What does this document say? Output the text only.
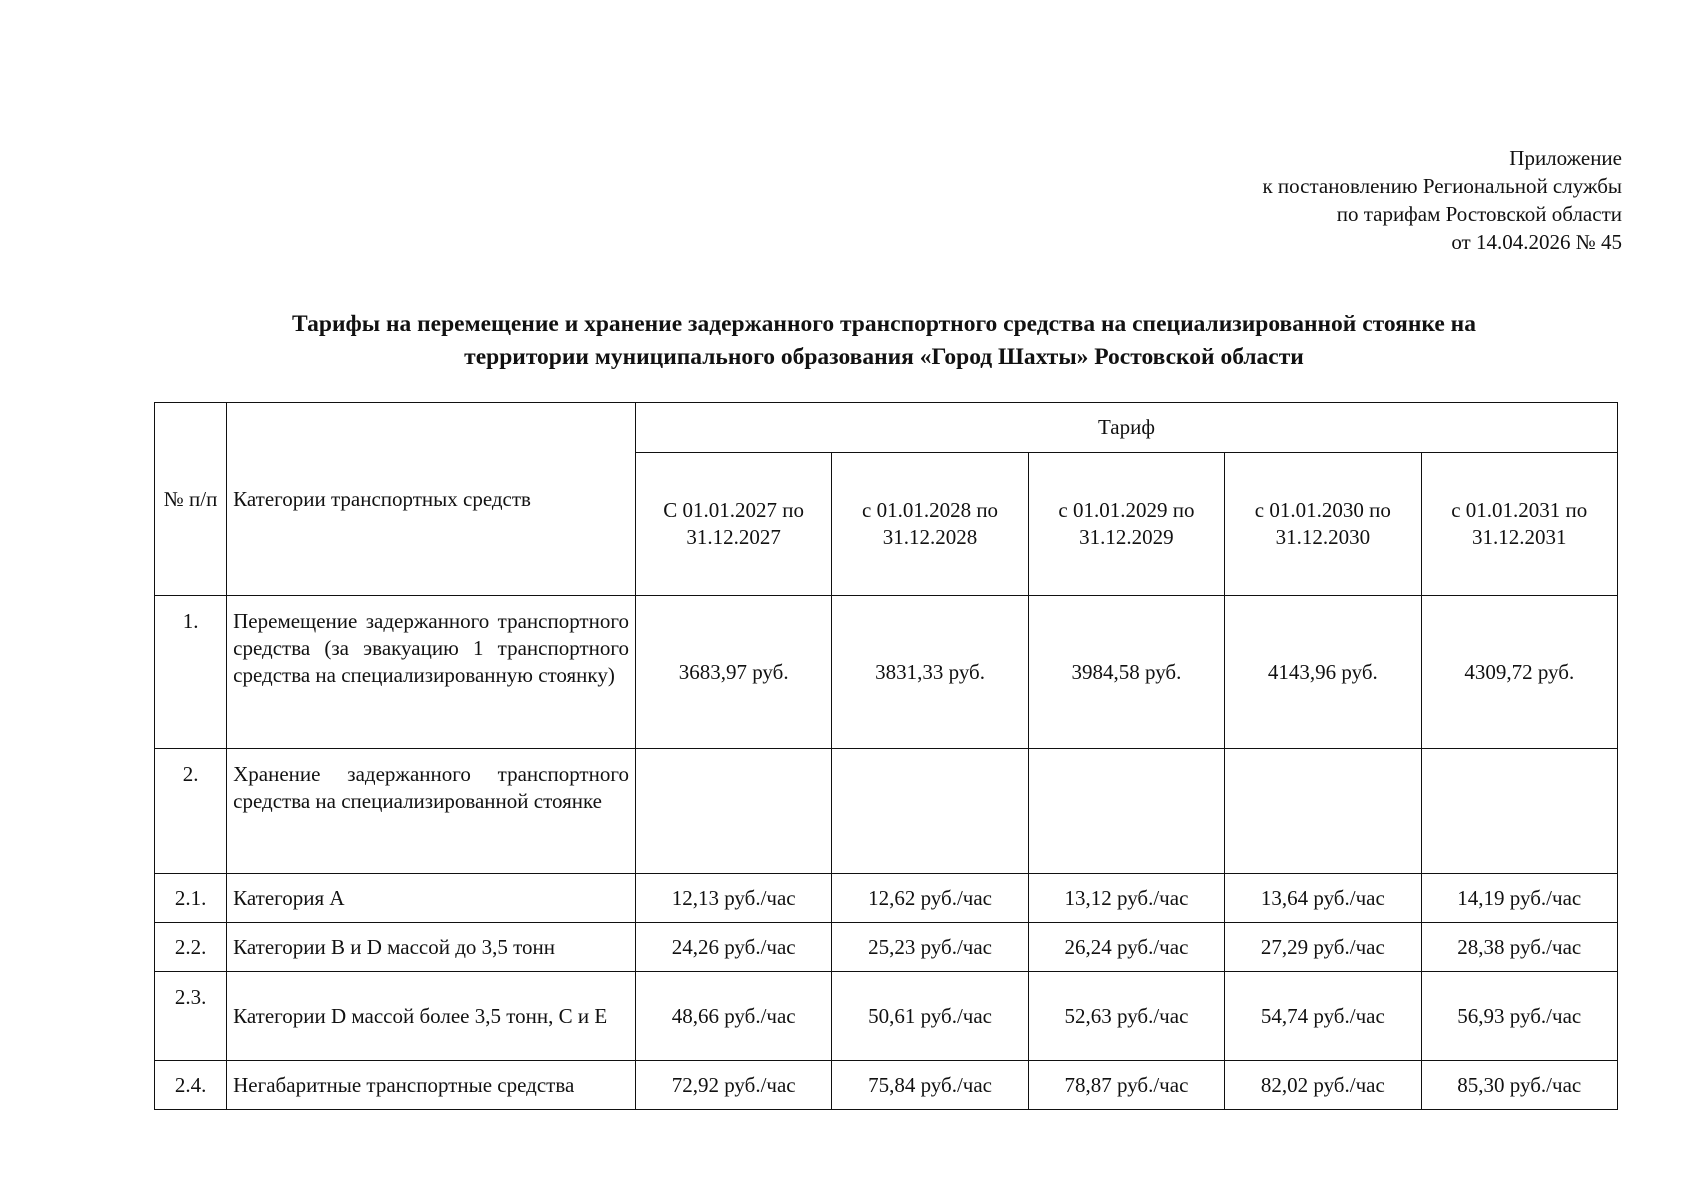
Приложение
к постановлению Региональной службы
по тарифам Ростовской области
от 14.04.2026 № 45
Тарифы на перемещение и хранение задержанного транспортного средства на специализированной стоянке на
территории муниципального образования «Город Шахты» Ростовской области
№ п/п	Категории транспортных средств	Тариф				
		С 01.01.2027 по 31.12.2027	с 01.01.2028 по 31.12.2028	с 01.01.2029 по 31.12.2029	с 01.01.2030 по 31.12.2030	с 01.01.2031 по 31.12.2031
1.	Перемещение задержанного транспортного средства (за эвакуацию 1 транспортного средства на специализированную стоянку)	3683,97 руб.	3831,33 руб.	3984,58 руб.	4143,96 руб.	4309,72 руб.
2.	Хранение задержанного транспортного средства на специализированной стоянке					
2.1.	Категория A	12,13 руб./час	12,62 руб./час	13,12 руб./час	13,64 руб./час	14,19 руб./час
2.2.	Категории B и D массой до 3,5 тонн	24,26 руб./час	25,23 руб./час	26,24 руб./час	27,29 руб./час	28,38 руб./час
2.3.	Категории D массой более 3,5 тонн, C и E	48,66 руб./час	50,61 руб./час	52,63 руб./час	54,74 руб./час	56,93 руб./час
2.4.	Негабаритные транспортные средства	72,92 руб./час	75,84 руб./час	78,87 руб./час	82,02 руб./час	85,30 руб./час
